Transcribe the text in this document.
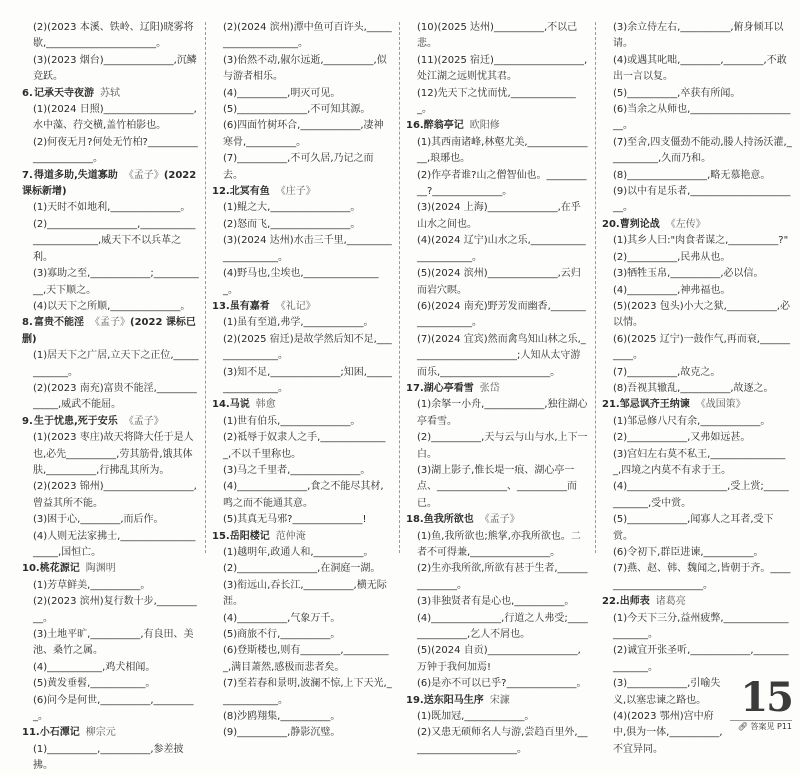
(2)(2023 本溪、铁岭、辽阳)晓雾将歇,______________________。
(3)(2023 烟台)______________,沉鳞竞跃。
6.记承天寺夜游 苏轼
(1)(2024 日照)__________________,水中藻、荇交横,盖竹柏影也。
(2)何夜无月?何处无竹柏?______________________。
7.得道多助,失道寡助 《孟子》(2022 课标新增)
(1)天时不如地利,______________。
(2)__________________,________________________,威天下不以兵革之利。
(3)寡助之至,____________;___________,天下顺之。
(4)以天下之所顺,______________。
8.富贵不能淫 《孟子》(2022 课标已删)
(1)居天下之广居,立天下之正位,____________。
(2)(2023 南充)富贵不能淫,_____________,威武不能屈。
9.生于忧患,死于安乐 《孟子》
(1)(2023 枣庄)故天将降大任于是人也,必先__________,劳其筋骨,饿其体肤,__________,行拂乱其所为。
(2)(2023 锦州)__________________,曾益其所不能。
(3)困于心,________,而后作。
(4)人则无法家拂士,____________________,国恒亡。
10.桃花源记 陶渊明
(1)芳草鲜美,__________。
(2)(2023 滨州)复行数十步,__________。
(3)土地平旷,__________,有良田、美池、桑竹之属。
(4)___________,鸡犬相闻。
(5)黄发垂髫,___________。
(6)问今是何世,__________,_________。
11.小石潭记 柳宗元
(1)__________,__________,参差披拂。
(2)(2024 滨州)潭中鱼可百许头,____________________。
(3)佁然不动,俶尔远逝,__________,似与游者相乐。
(4)__________,明灭可见。
(5)______________,不可知其源。
(6)四面竹树环合,____________,凄神寒骨,__________。
(7)__________,不可久居,乃记之而去。
12.北冥有鱼 《庄子》
(1)鲲之大,________________。
(2)怒而飞,________________。
(3)(2024 达州)水击三千里,____________________。
(4)野马也,尘埃也,________________。
13.虽有嘉肴 《礼记》
(1)虽有至道,弗学,____________。
(2)(2025 宿迁)是故学然后知不足,______________。
(3)知不足,______________;知困,________________。
14.马说 韩愈
(1)世有伯乐,______________。
(2)祗辱于奴隶人之手,______________,不以千里称也。
(3)马之千里者,______________。
(4)______________,食之不能尽其材,鸣之而不能通其意。
(5)其真无马邪?______________!
15.岳阳楼记 范仲淹
(1)越明年,政通人和,__________。
(2)________________,在洞庭一湖。
(3)衔远山,吞长江,__________,横无际涯。
(4)__________,气象万千。
(5)商旅不行,__________。
(6)登斯楼也,则有________,__________,满目萧然,感极而悲者矣。
(7)至若春和景明,波澜不惊,上下天光,____________。
(8)沙鸥翔集,__________。
(9)__________,静影沉璧。
(10)(2025 达州)__________,不以己悲。
(11)(2025 宿迁)__________________,处江湖之远则忧其君。
(12)先天下之忧而忧,______________。
16.醉翁亭记 欧阳修
(1)其西南诸峰,林壑尤美,______________,琅琊也。
(2)作亭者谁?山之僧智仙也。__________?______________。
(3)(2024 上海)______________,在乎山水之间也。
(4)(2024 辽宁)山水之乐,______________________。
(5)(2024 滨州)______________,云归而岩穴暝。
(6)(2024 南充)野芳发而幽香,__________________。
(7)(2024 宜宾)然而禽鸟知山林之乐,_____________________;人知从太守游而乐,______________________。
17.湖心亭看雪 张岱
(1)余拏一小舟,____________,独往湖心亭看雪。
(2)__________,天与云与山与水,上下一白。
(3)湖上影子,惟长堤一痕、湖心亭一点、______________、__________而已。
18.鱼我所欲也 《孟子》
(1)鱼,我所欲也;熊掌,亦我所欲也。二者不可得兼,________________。
(2)生亦我所欲,所欲有甚于生者,______________。
(3)非独贤者有是心也,__________。
(4)______________,行道之人弗受;______________,乞人不屑也。
(5)(2024 自贡)__________________,万钟于我何加焉!
(6)是亦不可以已乎?______________。
19.送东阳马生序 宋濂
(1)既加冠,____________。
(2)又患无硕师名人与游,尝趋百里外,______________________。
(3)余立侍左右,__________,俯身倾耳以请。
(4)或遇其叱咄,________,________,不敢出一言以复。
(5)__________,卒获有所闻。
(6)当余之从师也,______________________。
(7)至舍,四支僵劲不能动,媵人持汤沃灌,__________,久而乃和。
(8)________________,略无慕艳意。
(9)以中有足乐者,______________________。
20.曹刿论战 《左传》
(1)其乡人曰:"肉食者谋之,__________?"
(2)__________,民弗从也。
(3)牺牲玉帛,__________,必以信。
(4)__________,神弗福也。
(5)(2023 包头)小大之狱,__________,必以情。
(6)(2025 辽宁)一鼓作气,再而衰,__________。
(7)__________,故克之。
(8)吾视其辙乱,__________,故逐之。
21.邹忌讽齐王纳谏 《战国策》
(1)邹忌修八尺有余,____________。
(2)____________,又弗如远甚。
(3)宫妇左右莫不私王,________________,四境之内莫不有求于王。
(4)____________________,受上赏;____________,受中赏。
(5)____________,闻寡人之耳者,受下赏。
(6)令初下,群臣进谏,__________。
(7)燕、赵、韩、魏闻之,皆朝于齐。______________________。
22.出师表 诸葛亮
(1)今天下三分,益州疲弊,____________________。
(2)诚宜开张圣听,____________,______________。
15
🔗︎ 答案见 P11
(3)____________,引喻失义,以塞忠谏之路也。
(4)(2023 鄂州)宫中府中,俱为一体,__________,不宜异同。
